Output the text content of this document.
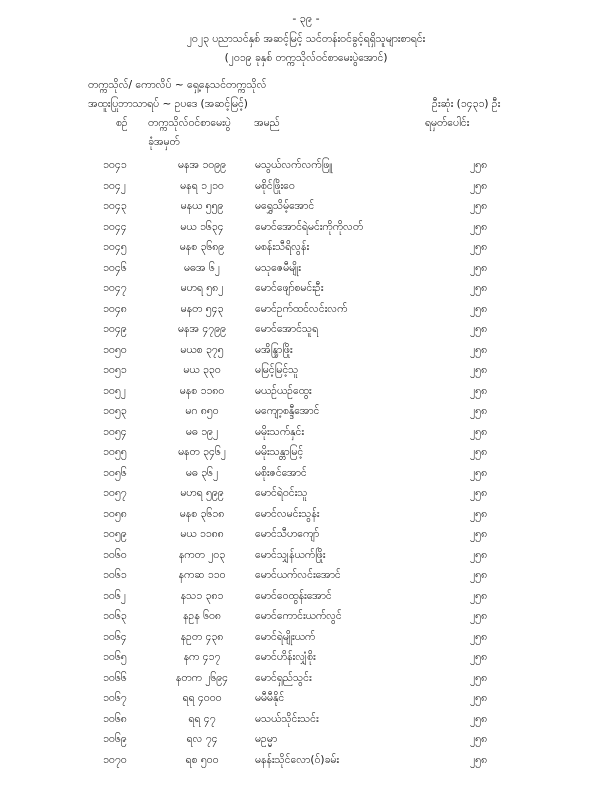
- ၃၉ -
၂၀၂၃ ပညာသင်နှစ် အဆင့်မြင့် သင်တန်းဝင်ခွင့်ရရှိသူများစာရင်း
(၂၀၁၉ ခုနှစ် တက္ကသိုလ်ဝင်စာမေးပွဲအောင်)
တက္ကသိုလ်/ ကောလိပ် ~ ရှေ့နေသင်တက္ကသိုလ်
အထူးပြုဘာသာရပ် ~ ဥပဒေ (အဆင့်မြင့်)	ဦးဆုံး (၁၄၃၁) ဦး
စဉ် တက္ကသိုလ်ဝင်စာမေးပွဲ အမည်	ရမှတ်ပေါင်း
ခုံအမှတ်
၁၀၄၁	မနအ ၁၀၉၉	မသွယ်လက်လက်ဖြူ	၂၅၈
၁၀၄၂	မနရ ၁၂၁၀	မစိုင်ဖြိုးဝေ	၂၅၈
၁၀၄၃	မနယ ၅၅၉	မရွှေသိမ့်အောင်	၂၅၈
၁၀၄၄	မယ ၁၆၃၄	မောင်အောင်ရဲမင်းကိုကိုလတ်	၂၅၈
၁၀၄၅	မနစ ၃၆၈၉	မစန်းသီရိလွန်း	၂၅၈
၁၀၄၆	မဓအ ၆၂	မသုဇေမီမျိုး	၂၅၈
၁၀၄၇	မဟရ ၅၈၂	မောင်ဖျော်စမင်းဦး	၂၅၈
၁၀၄၈	မနတ ၅၄၃	မောင်ဥက်ထင်လင်းလက်	၂၅၈
၁၀၄၉	မနအ ၄၇၉၉	မောင်အောင်သူရ	၂၅၈
၁၀၅၀	မယစ ၃၇၅	မအိန္ဒြာဖြိုး	၂၅၈
၁၀၅၁	မယ ၃၃၀	မမြင့်မြင့်သူ	၂၅၈
၁၀၅၂	မနစ ၁၁၈၀	မယဉ်ယဉ်ထွေး	၂၅၈
၁၀၅၃	မဂ ၈၅၀	မကျော့စန္ဒီအောင်	၂၅၈
၁၀၅၄	မဓ ၁၉၂	မမိုးသက်နှင်း	၂၅၈
၁၀၅၅	မနတ ၃၄၆၂	မမိုးသန္တာမြင့်	၂၅၈
၁၀၅၆	မဓ ၃၆၂	မစိုးဇင်အောင်	၂၅၈
၁၀၅၇	မဟရ ၅၉၉	မောင်ရဲဝင်းသူ	၂၅၈
၁၀၅၈	မနစ ၃၆၁၈	မောင်လမင်းသွန်း	၂၅၈
၁၀၅၉	မယ ၁၁၈၈	မောင်သီဟကျော်	၂၅၈
၁၀၆၀	နကတ ၂၀၃	မောင်သျှန်ယက်ဖြိုး	၂၅၈
၁၀၆၁	နကဆ ၁၁၀	မောင်ယက်လင်းအောင်	၂၅၈
၁၀၆၂	နသ၁ ၃၈၁	မောင်ဝေထွန်းအောင်	၂၅၈
၁၀၆၃	နဥန ၆၀၈	မောင်ကောင်းယက်လွင်	၂၅၈
၁၀၆၄	နဥတ ၄၃၈	မောင်ရဲမျိုးယက်	၂၅၈
၁၀၆၅	နက ၄၁၇	မောင်ဟိန်းလျှံစိုး	၂၅၈
၁၀၆၆	နတက ၂၆၉၄	မောင်ရှည်သွင်း	၂၅၈
၁၀၆၇	ရရ ၄၀၀၀	မမီမီနိုင်	၂၅၈
၁၀၆၈	ရရ ၄၇	မသယ်သိုင်းသင်း	၂၅၈
၁၀၆၉	ရလ ၇၄	မဥမ္မာ	၂၅၈
၁၀၇၀	ရစ ၅၀၀	မနန်းသိုင်လော(ဝ်)ခမ်း	၂၅၈
